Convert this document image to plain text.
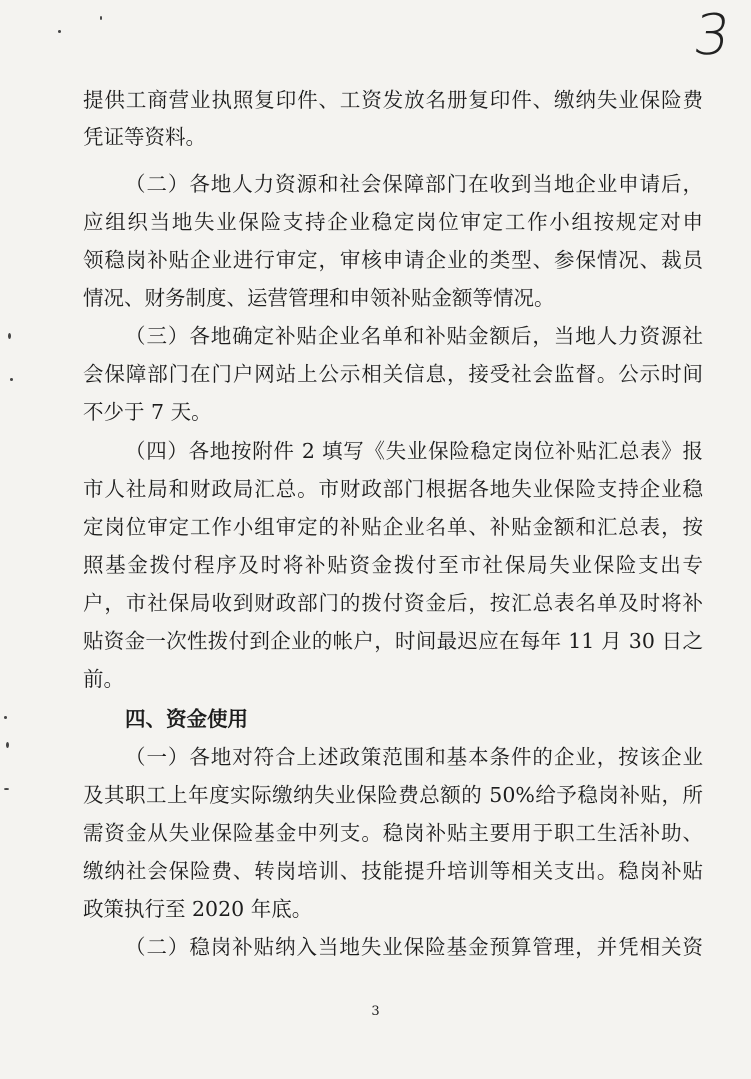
3
提供工商营业执照复印件、工资发放名册复印件、缴纳失业保险费
凭证等资料。
（二）各地人力资源和社会保障部门在收到当地企业申请后，
应组织当地失业保险支持企业稳定岗位审定工作小组按规定对申
领稳岗补贴企业进行审定，审核申请企业的类型、参保情况、裁员
情况、财务制度、运营管理和申领补贴金额等情况。
（三）各地确定补贴企业名单和补贴金额后，当地人力资源社
会保障部门在门户网站上公示相关信息，接受社会监督。公示时间
不少于 7 天。
（四）各地按附件 2 填写《失业保险稳定岗位补贴汇总表》报
市人社局和财政局汇总。市财政部门根据各地失业保险支持企业稳
定岗位审定工作小组审定的补贴企业名单、补贴金额和汇总表，按
照基金拨付程序及时将补贴资金拨付至市社保局失业保险支出专
户，市社保局收到财政部门的拨付资金后，按汇总表名单及时将补
贴资金一次性拨付到企业的帐户，时间最迟应在每年 11 月 30 日之
前。
四、资金使用
（一）各地对符合上述政策范围和基本条件的企业，按该企业
及其职工上年度实际缴纳失业保险费总额的 50%给予稳岗补贴，所
需资金从失业保险基金中列支。稳岗补贴主要用于职工生活补助、
缴纳社会保险费、转岗培训、技能提升培训等相关支出。稳岗补贴
政策执行至 2020 年底。
（二）稳岗补贴纳入当地失业保险基金预算管理，并凭相关资
3
